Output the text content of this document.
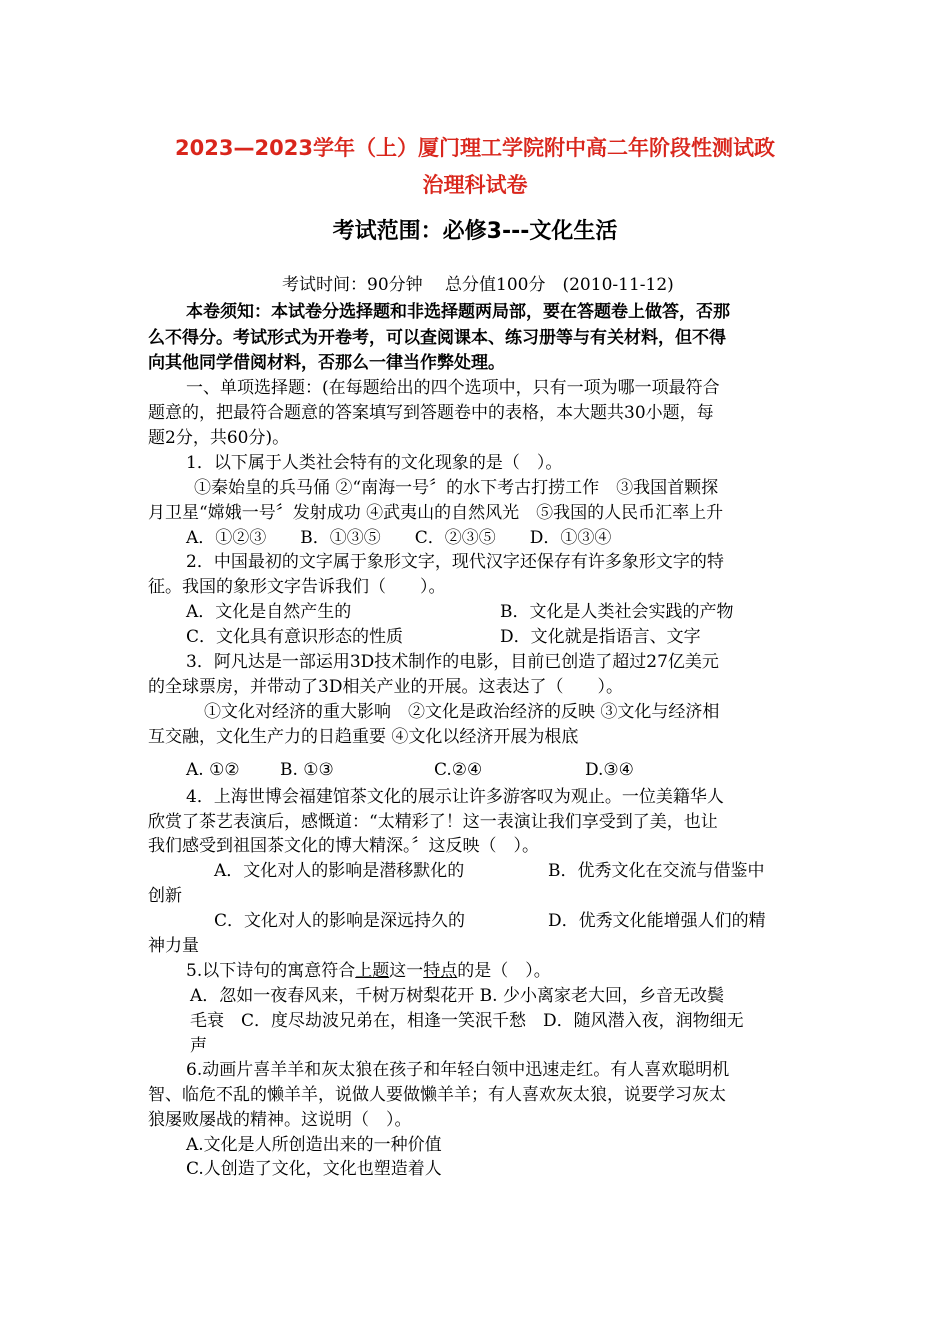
2023—2023学年（上）厦门理工学院附中高二年阶段性测试政
治理科试卷
考试范围：必修3---文化生活
考试时间：90分钟　 总分值100分　(2010-11-12)
本卷须知：本试卷分选择题和非选择题两局部，要在答题卷上做答，否那
么不得分。考试形式为开卷考，可以查阅课本、练习册等与有关材料，但不得
向其他同学借阅材料，否那么一律当作弊处理。
一、单项选择题：(在每题给出的四个选项中，只有一项为哪一项最符合
题意的，把最符合题意的答案填写到答题卷中的表格，本大题共30小题，每
题2分，共60分)。
1．以下属于人类社会特有的文化现象的是（　）。
①秦始皇的兵马俑 ②“南海一号〞的水下考古打捞工作　③我国首颗探
月卫星“嫦娥一号〞发射成功 ④武夷山的自然风光　⑤我国的人民币汇率上升
A．①②③　　B．①③⑤　　C．②③⑤　　D．①③④
2．中国最初的文字属于象形文字，现代汉字还保存有许多象形文字的特
征。我国的象形文字告诉我们（　　）。
A．文化是自然产生的	B．文化是人类社会实践的产物
C．文化具有意识形态的性质	D．文化就是指语言、文字
3．阿凡达是一部运用3D技术制作的电影，目前已创造了超过27亿美元
的全球票房，并带动了3D相关产业的开展。这表达了（　　）。
①文化对经济的重大影响　②文化是政治经济的反映 ③文化与经济相
互交融，文化生产力的日趋重要 ④文化以经济开展为根底
A. ①② B. ①③	C.②④	D.③④
4．上海世博会福建馆茶文化的展示让许多游客叹为观止。一位美籍华人
欣赏了茶艺表演后，感慨道：“太精彩了！这一表演让我们享受到了美，也让
我们感受到祖国茶文化的博大精深。〞这反映（　）。
A．文化对人的影响是潜移默化的	B．优秀文化在交流与借鉴中
创新
C．文化对人的影响是深远持久的	D．优秀文化能增强人们的精
神力量
5.以下诗句的寓意符合上题这一特点的是（　）。
A．忽如一夜春风来，千树万树梨花开 B. 少小离家老大回，乡音无改鬓
毛衰　C．度尽劫波兄弟在，相逢一笑泯千愁　D．随风潜入夜，润物细无
声
6.动画片喜羊羊和灰太狼在孩子和年轻白领中迅速走红。有人喜欢聪明机
智、临危不乱的懒羊羊，说做人要做懒羊羊；有人喜欢灰太狼，说要学习灰太
狼屡败屡战的精神。这说明（　）。
A.文化是人所创造出来的一种价值
C.人创造了文化，文化也塑造着人
